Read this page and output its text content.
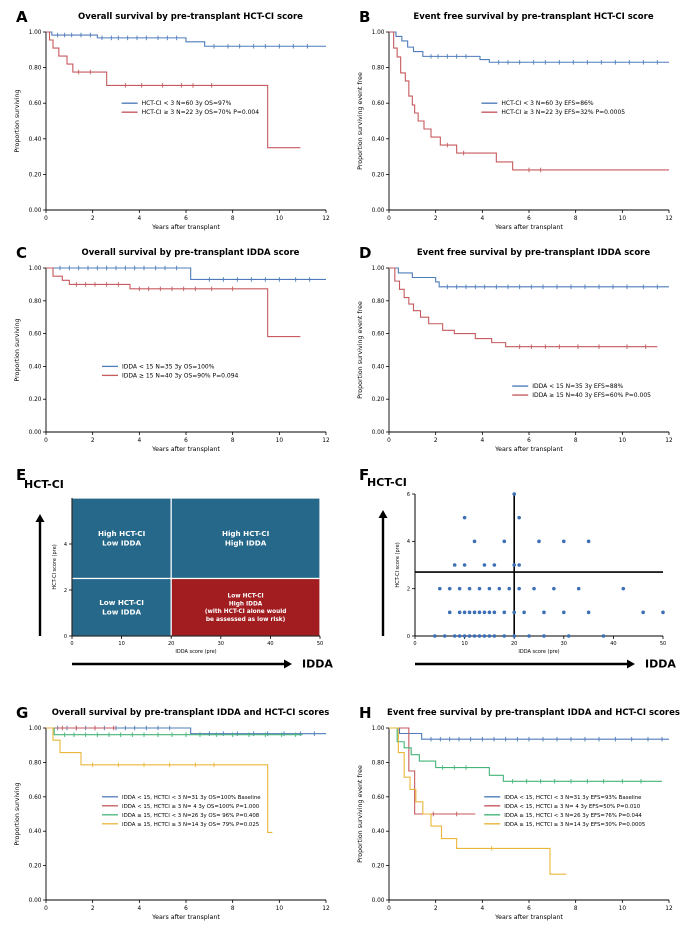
A	Overall survival by pre-transplant HCT-CI score
0.00
0.20
0.40
0.60
0.80
1.00
0	2	4	6	8	10	12
Years after transplant
Proportion surviving	HCT-CI < 3 N=60 3y OS=97%
HCT-CI ≥ 3 N=22 3y OS=70% P=0.004
B	Event free survival by pre-transplant HCT-CI score
0.00
0.20
0.40
0.60
0.80
1.00
0	2	4	6	8	10	12
Years after transplant
Proportion surviving event free	HCT-CI < 3 N=60 3y EFS=86%
HCT-CI ≥ 3 N=22 3y EFS=32% P=0.0005
C	Overall survival by pre-transplant IDDA score
0.00
0.20
0.40
0.60
0.80
1.00
0	2	4	6	8	10	12
Years after transplant
Proportion surviving	IDDA < 15 N=35 3y OS=100%
IDDA ≥ 15 N=40 3y OS=90% P=0.094
D	Event free survival by pre-transplant IDDA score
0.00
0.20
0.40
0.60
0.80
1.00
0	2	4	6	8	10	12
Years after transplant
Proportion surviving event free	IDDA < 15 N=35 3y EFS=88%
IDDA ≥ 15 N=40 3y EFS=60% P=0.005
E
High HCT-CI
Low IDDA
High HCT-CI
High IDDA
Low HCT-CI
Low IDDA
Low HCT-CI
High IDDA
(with HCT-CI alone would
be assessed as low risk)
0
2
4
0	10	20	30	40	50
IDDA score (pre)
HCT-CI score (pre)
HCT-CI
IDDA
F
0
2
4
6
0	10	20	30	40	50
IDDA score (pre)
HCT-CI score (pre)
HCT-CI
IDDA
G	Overall survival by pre-transplant IDDA and HCT-CI scores
0.00
0.20
0.40
0.60
0.80
1.00
0	2	4	6	8	10	12
Years after transplant
Proportion surviving	IDDA < 15, HCTCI < 3 N=31 3y OS=100% Baseline
IDDA < 15, HCTCI ≥ 3 N= 4 3y OS=100% P=1.000
IDDA ≥ 15, HCTCI < 3 N=26 3y OS= 96% P=0.408
IDDA ≥ 15, HCTCI ≥ 3 N=14 3y OS= 79% P=0.025
H	Event free survival by pre-transplant IDDA and HCT-CI scores
0.00
0.20
0.40
0.60
0.80
1.00
0	2	4	6	8	10	12
Years after transplant
Proportion surviving event free	IDDA < 15, HCTCI < 3 N=31 3y EFS=93% Baseline
IDDA < 15, HCTCI ≥ 3 N= 4 3y EFS=50% P=0.010
IDDA ≥ 15, HCTCI < 3 N=26 3y EFS=76% P=0.044
IDDA ≥ 15, HCTCI ≥ 3 N=14 3y EFS=30% P=0.0005
